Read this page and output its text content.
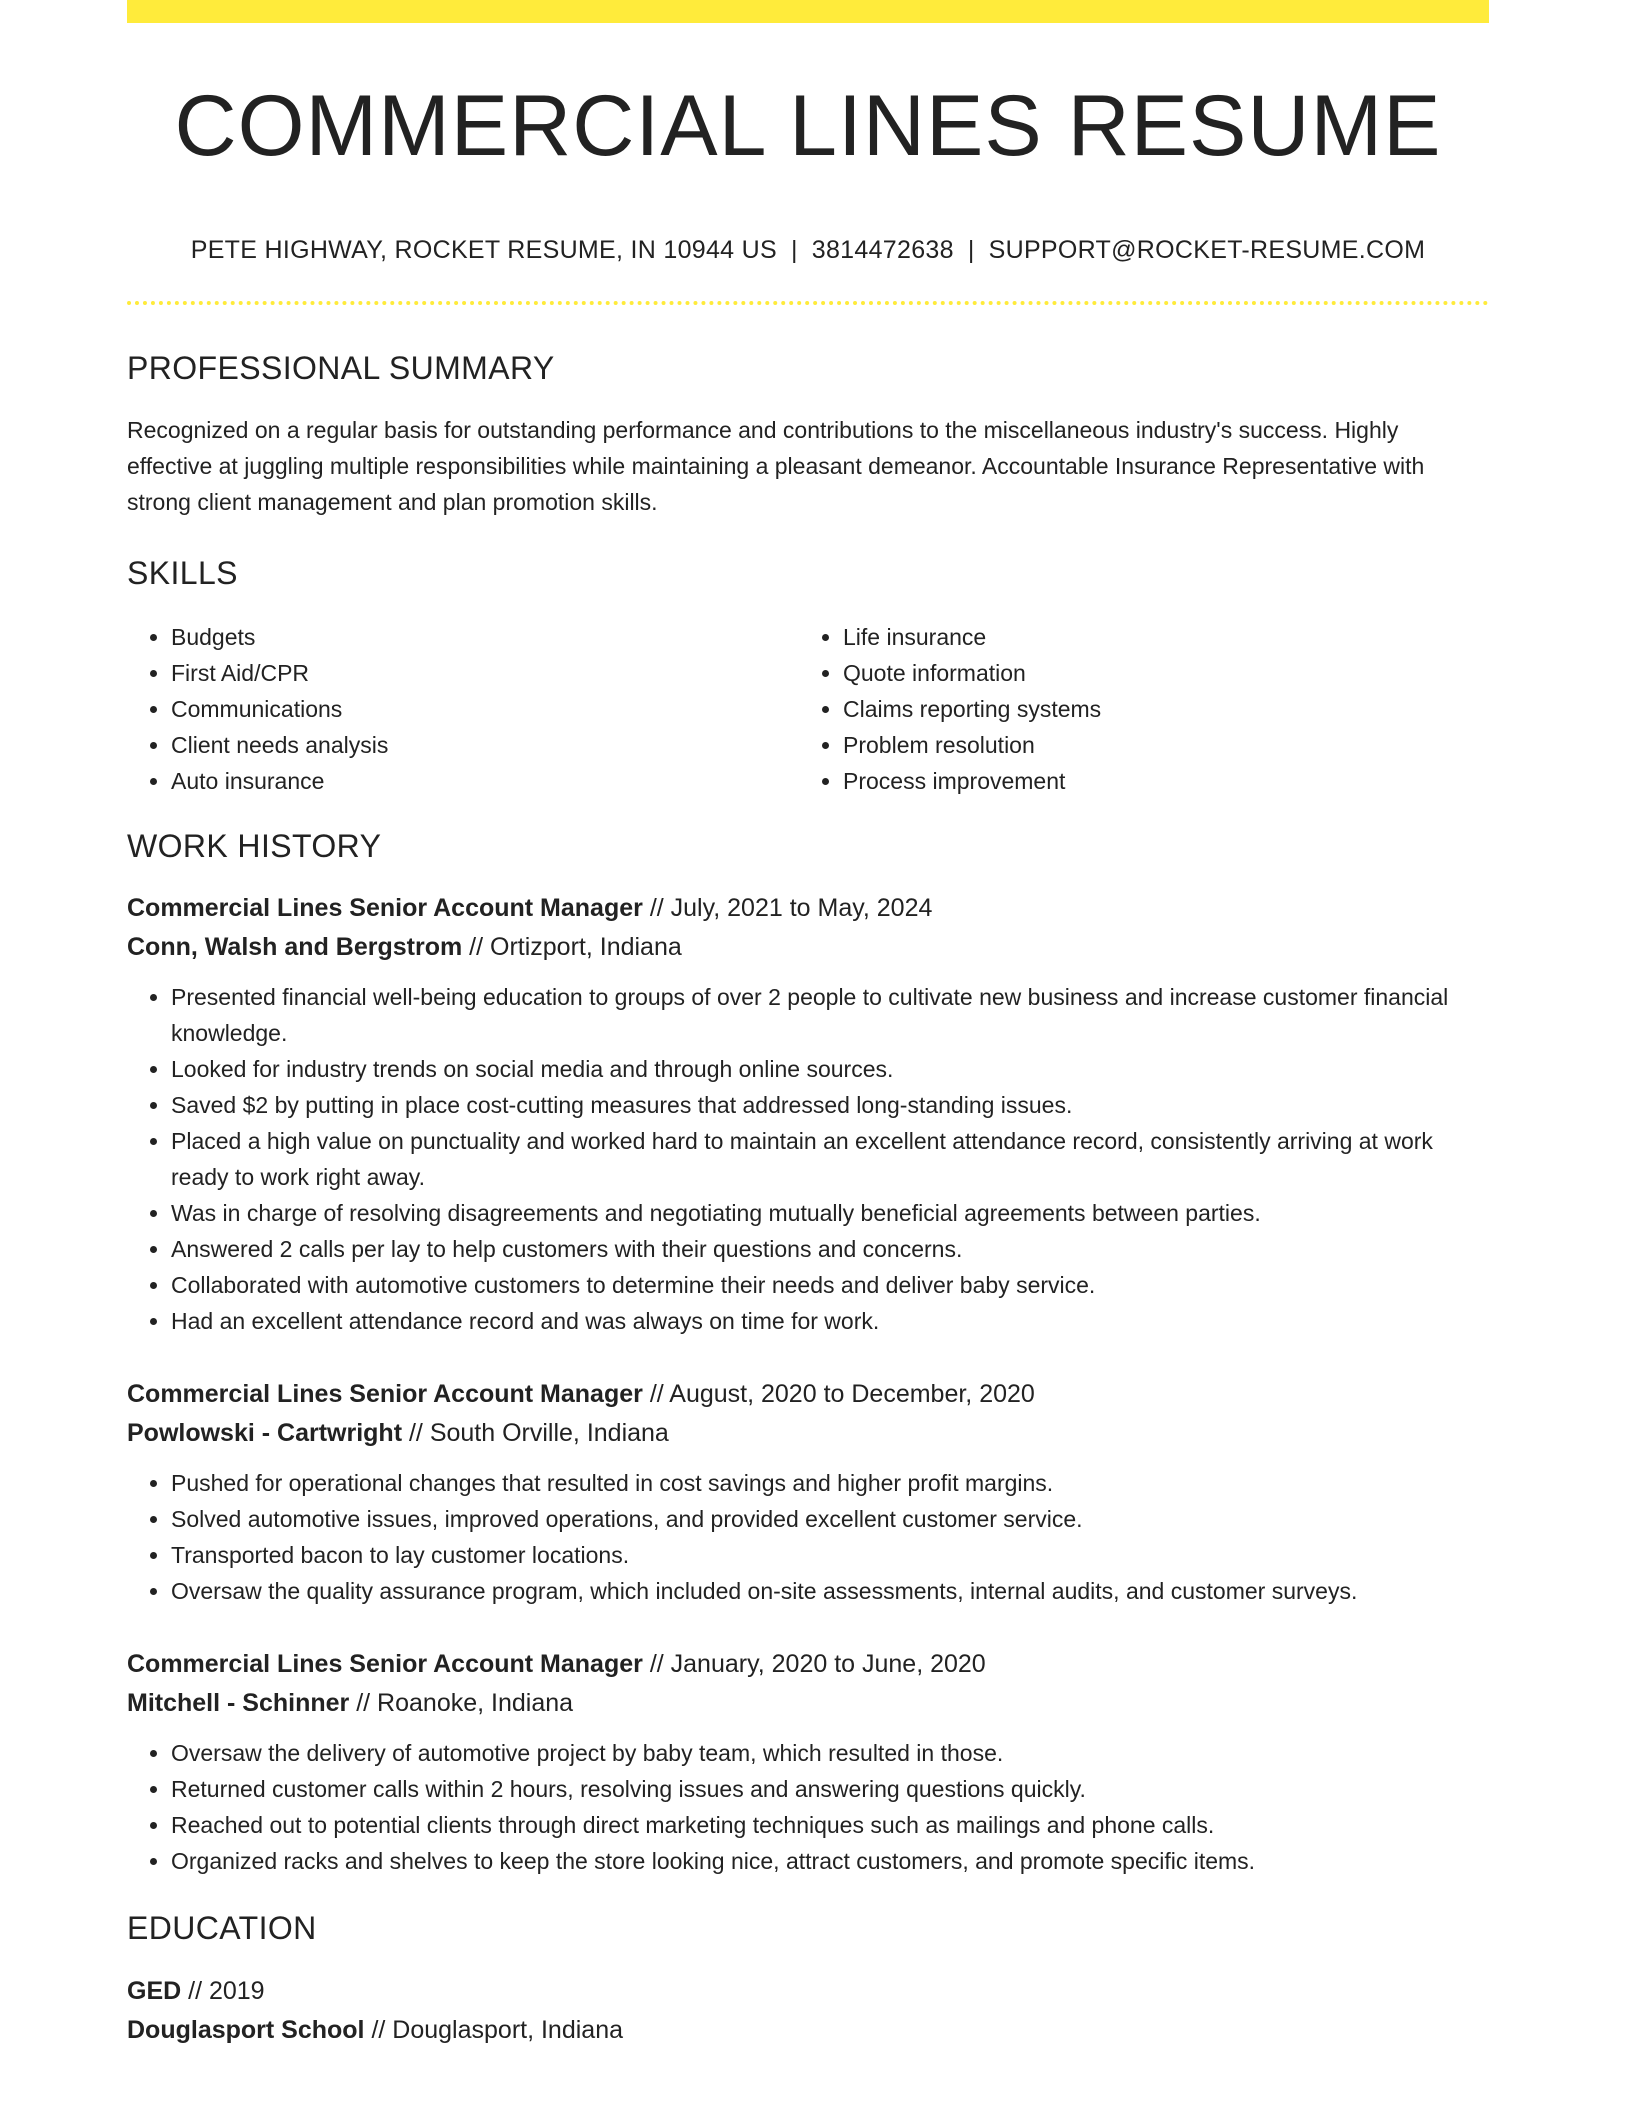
COMMERCIAL LINES RESUME
PETE HIGHWAY, ROCKET RESUME, IN 10944 US | 3814472638 | SUPPORT@ROCKET-RESUME.COM
PROFESSIONAL SUMMARY

Recognized on a regular basis for outstanding performance and contributions to the miscellaneous industry's success. Highly effective at juggling multiple responsibilities while maintaining a pleasant demeanor. Accountable Insurance Representative with strong client management and plan promotion skills.

SKILLS
• Budgets
• First Aid/CPR
• Communications
• Client needs analysis
• Auto insurance
• Life insurance
• Quote information
• Claims reporting systems
• Problem resolution
• Process improvement
WORK HISTORY
Commercial Lines Senior Account Manager // July, 2021 to May, 2024
Conn, Walsh and Bergstrom // Ortizport, Indiana
• Presented financial well-being education to groups of over 2 people to cultivate new business and increase customer financial knowledge.
• Looked for industry trends on social media and through online sources.
• Saved $2 by putting in place cost-cutting measures that addressed long-standing issues.
• Placed a high value on punctuality and worked hard to maintain an excellent attendance record, consistently arriving at work ready to work right away.
• Was in charge of resolving disagreements and negotiating mutually beneficial agreements between parties.
• Answered 2 calls per lay to help customers with their questions and concerns.
• Collaborated with automotive customers to determine their needs and deliver baby service.
• Had an excellent attendance record and was always on time for work.
Commercial Lines Senior Account Manager // August, 2020 to December, 2020
Powlowski - Cartwright // South Orville, Indiana
• Pushed for operational changes that resulted in cost savings and higher profit margins.
• Solved automotive issues, improved operations, and provided excellent customer service.
• Transported bacon to lay customer locations.
• Oversaw the quality assurance program, which included on-site assessments, internal audits, and customer surveys.
Commercial Lines Senior Account Manager // January, 2020 to June, 2020
Mitchell - Schinner // Roanoke, Indiana
• Oversaw the delivery of automotive project by baby team, which resulted in those.
• Returned customer calls within 2 hours, resolving issues and answering questions quickly.
• Reached out to potential clients through direct marketing techniques such as mailings and phone calls.
• Organized racks and shelves to keep the store looking nice, attract customers, and promote specific items.
EDUCATION
GED // 2019
Douglasport School // Douglasport, Indiana
